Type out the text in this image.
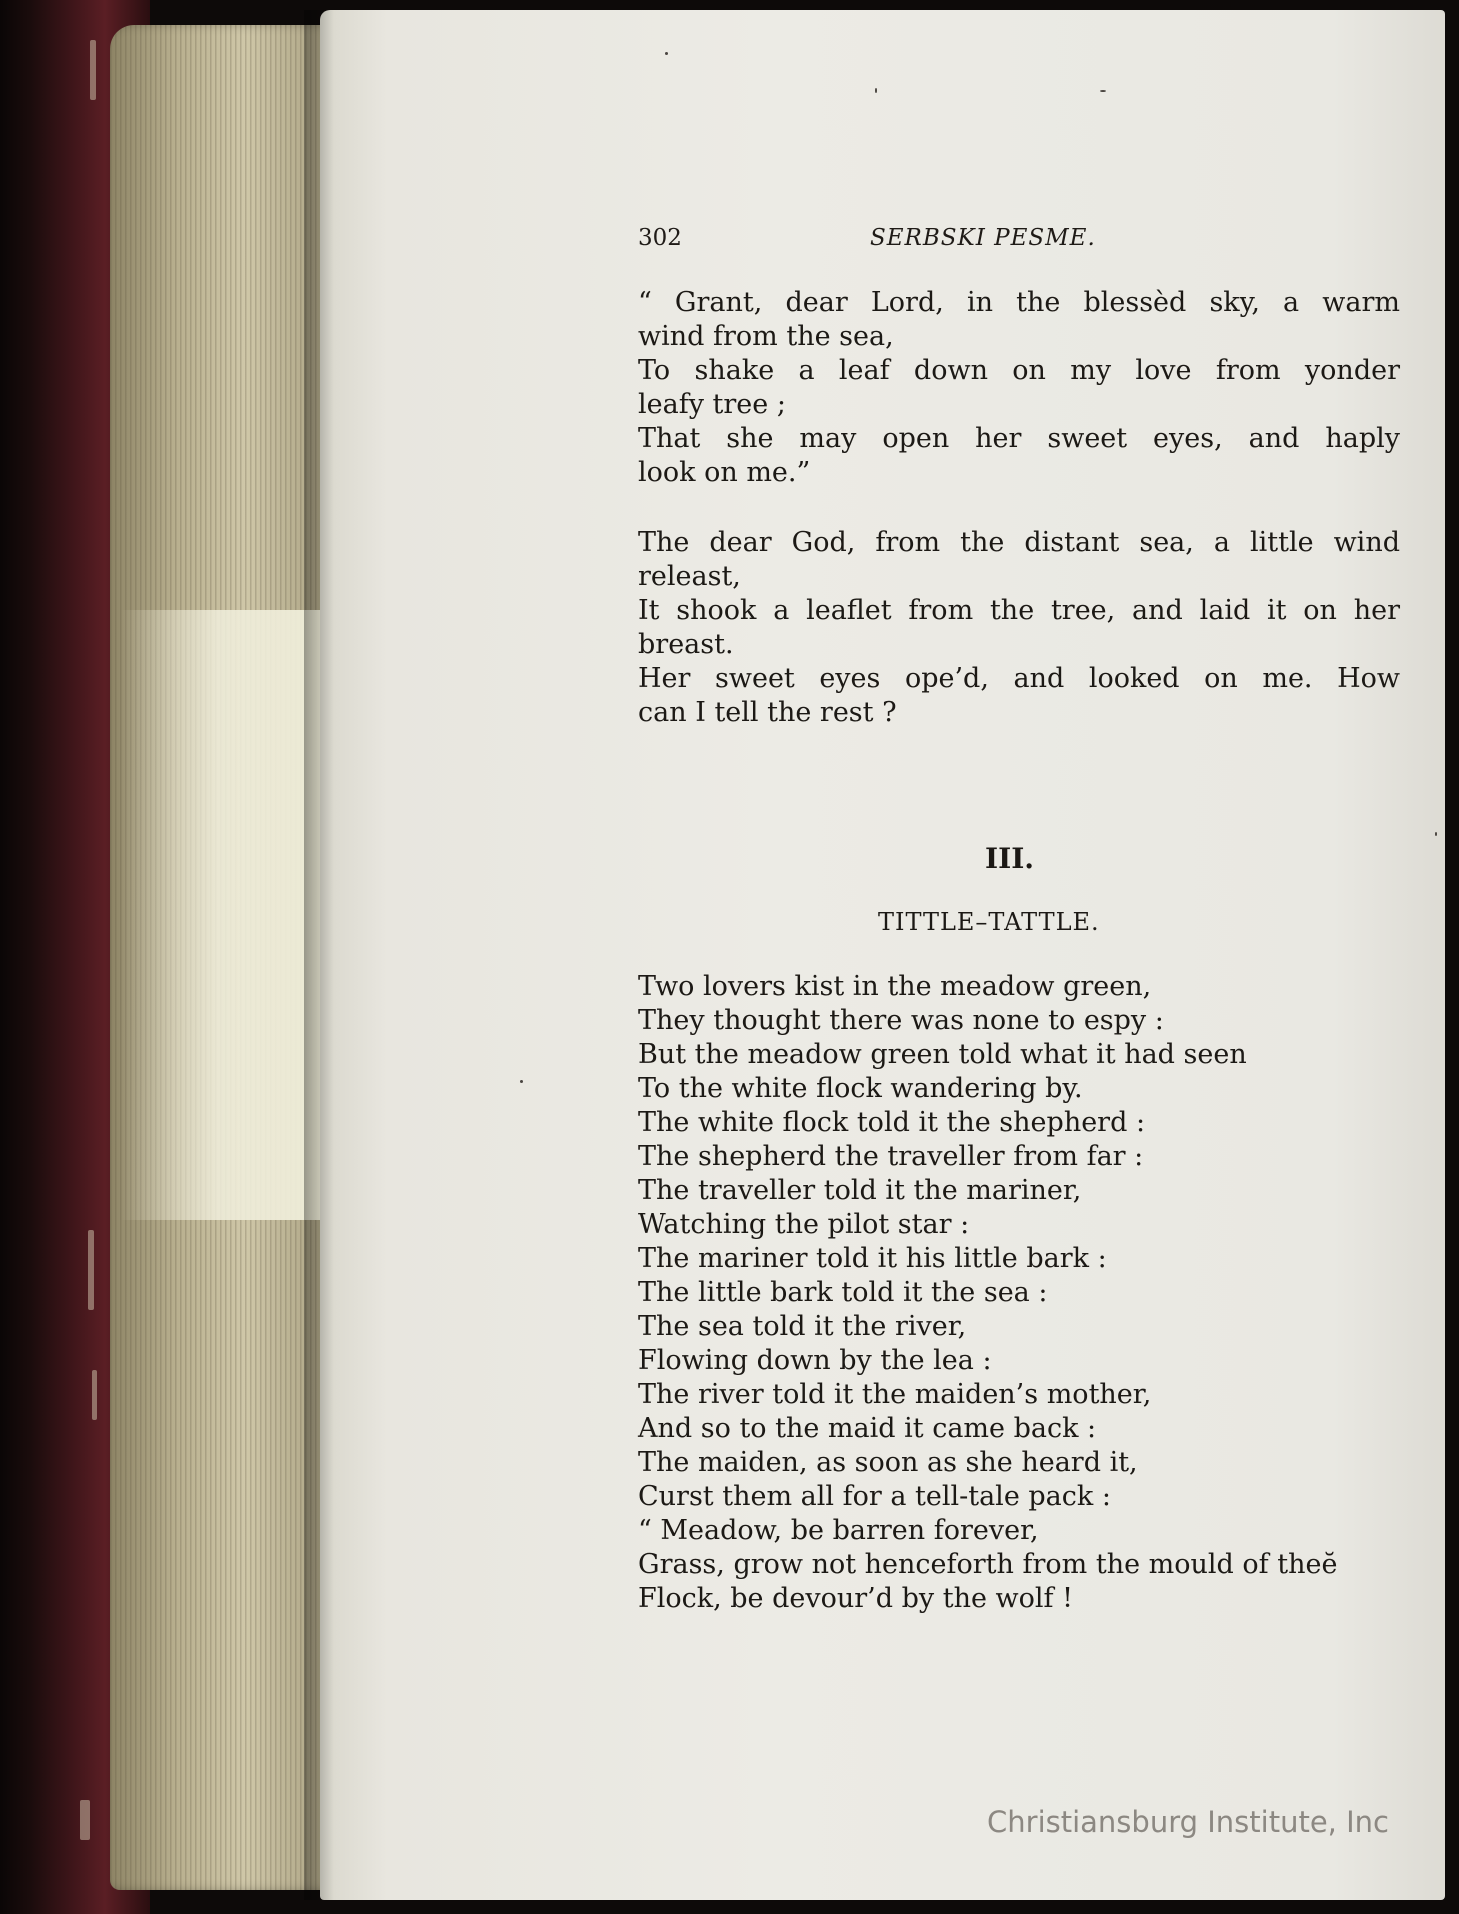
302	SERBSKI PESME.

“ Grant, dear Lord, in the blessèd sky, a warm
wind from the sea,

To shake a leaf down on my love from yonder
leafy tree ;

That she may open her sweet eyes, and haply
look on me.”

The dear God, from the distant sea, a little wind
releast,

It shook a leaflet from the tree, and laid it on her
breast.

Her sweet eyes ope’d, and looked on me. How
can I tell the rest ?

III.
TITTLE–TATTLE.

Two lovers kist in the meadow green,

They thought there was none to espy :

But the meadow green told what it had seen

To the white flock wandering by.

The white flock told it the shepherd :

The shepherd the traveller from far :

The traveller told it the mariner,

Watching the pilot star :

The mariner told it his little bark :

The little bark told it the sea :

The sea told it the river,

Flowing down by the lea :

The river told it the maiden’s mother,

And so to the maid it came back :

The maiden, as soon as she heard it,

Curst them all for a tell-tale pack :

“ Meadow, be barren forever,

Grass, grow not henceforth from the mould of theĕ

Flock, be devour’d by the wolf !

Christiansburg Institute, Inc
